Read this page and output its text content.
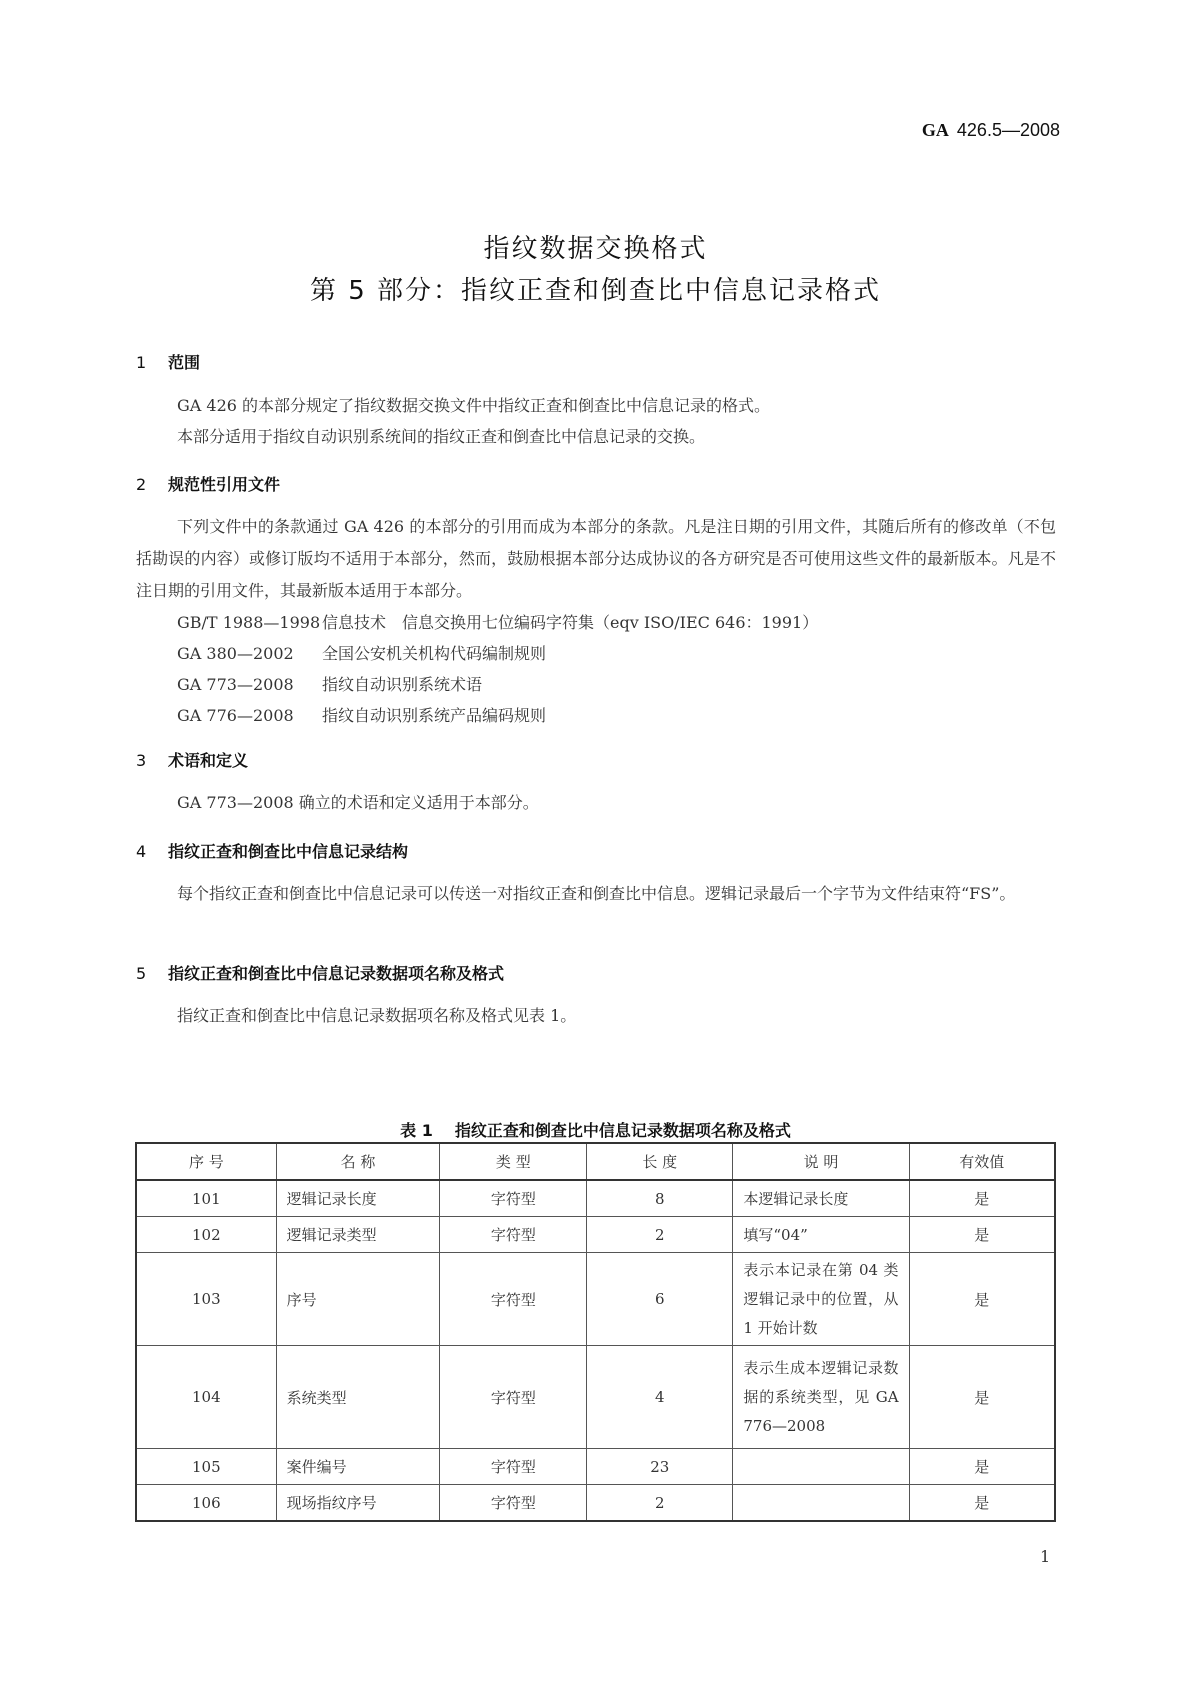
GA 426.5—2008
指纹数据交换格式
第 5 部分：指纹正查和倒查比中信息记录格式
1 范围
GA 426 的本部分规定了指纹数据交换文件中指纹正查和倒查比中信息记录的格式。
本部分适用于指纹自动识别系统间的指纹正查和倒查比中信息记录的交换。
2 规范性引用文件
下列文件中的条款通过 GA 426 的本部分的引用而成为本部分的条款。凡是注日期的引用文件，其随后所有的修改单（不包括勘误的内容）或修订版均不适用于本部分，然而，鼓励根据本部分达成协议的各方研究是否可使用这些文件的最新版本。凡是不注日期的引用文件，其最新版本适用于本部分。
GB/T 1988—1998 信息技术　信息交换用七位编码字符集（eqv ISO/IEC 646：1991）
GA 380—2002 全国公安机关机构代码编制规则
GA 773—2008 指纹自动识别系统术语
GA 776—2008 指纹自动识别系统产品编码规则
3 术语和定义
GA 773—2008 确立的术语和定义适用于本部分。
4 指纹正查和倒查比中信息记录结构
每个指纹正查和倒查比中信息记录可以传送一对指纹正查和倒查比中信息。逻辑记录最后一个字节为文件结束符“FS”。
5 指纹正查和倒查比中信息记录数据项名称及格式
指纹正查和倒查比中信息记录数据项名称及格式见表 1。
表 1 指纹正查和倒查比中信息记录数据项名称及格式
序 号	名 称	类 型	长 度	说 明	有效值
101	逻辑记录长度	字符型	8	本逻辑记录长度	是
102	逻辑记录类型	字符型	2	填写“04”	是
103	序号	字符型	6	表示本记录在第 04 类逻辑记录中的位置，从 1 开始计数	是
104	系统类型	字符型	4	表示生成本逻辑记录数据的系统类型，见 GA 776—2008	是
105	案件编号	字符型	23		是
106	现场指纹序号	字符型	2		是
1
